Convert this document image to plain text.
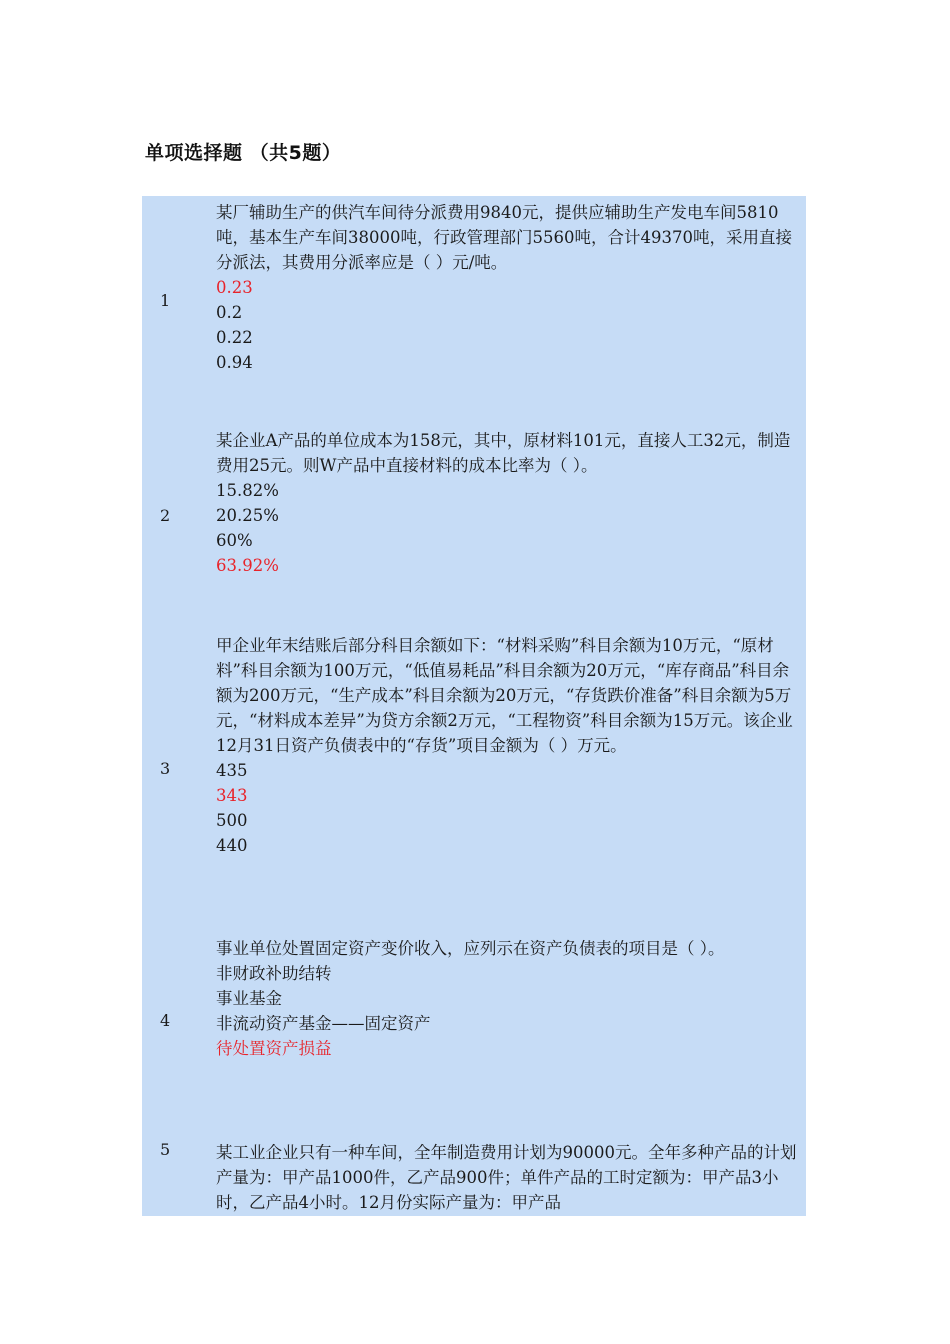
单项选择题 （共5题）
1

某厂辅助生产的供汽车间待分派费用9840元，提供应辅助生产发电车间5810吨，基本生产车间38000吨，行政管理部门5560吨，合计49370吨，采用直接分派法，其费用分派率应是（ ）元/吨。

0.23

0.2

0.22

0.94

2

某企业A产品的单位成本为158元，其中，原材料101元，直接人工32元，制造费用25元。则W产品中直接材料的成本比率为（ ）。

15.82%

20.25%

60%

63.92%

3

甲企业年末结账后部分科目余额如下：“材料采购”科目余额为10万元，“原材料”科目余额为100万元，“低值易耗品”科目余额为20万元，“库存商品”科目余额为200万元，“生产成本”科目余额为20万元，“存货跌价准备”科目余额为5万元，“材料成本差异”为贷方余额2万元，“工程物资”科目余额为15万元。该企业12月31日资产负债表中的“存货”项目金额为（ ）万元。

435

343

500

440

4

事业单位处置固定资产变价收入，应列示在资产负债表的项目是（ ）。

非财政补助结转

事业基金

非流动资产基金——固定资产

待处置资产损益

5	某工业企业只有一种车间，全年制造费用计划为90000元。全年多种产品的计划产量为：甲产品1000件，乙产品900件；单件产品的工时定额为：甲产品3小时，乙产品4小时。12月份实际产量为：甲产品
